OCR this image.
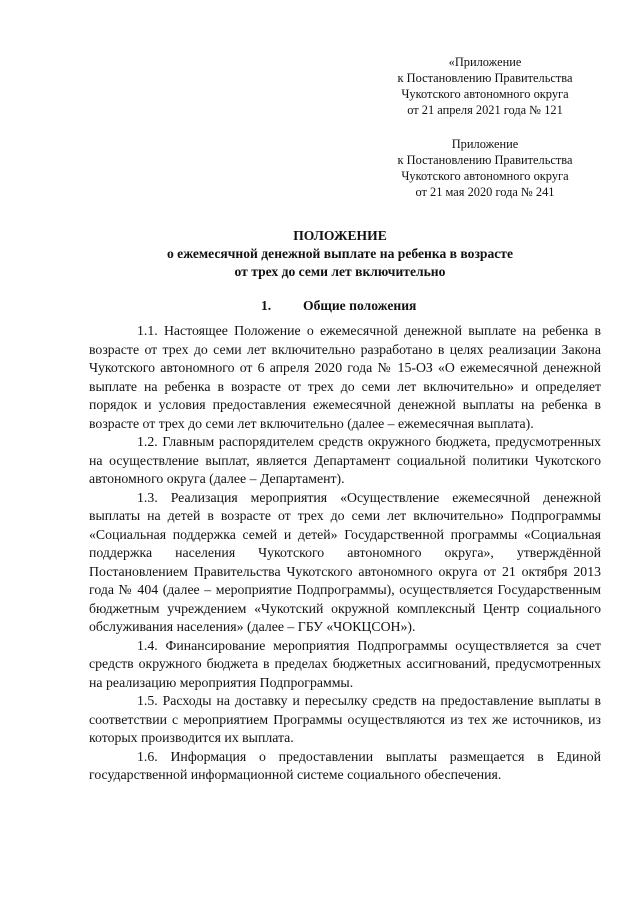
«Приложение
к Постановлению Правительства
Чукотского автономного округа
от 21 апреля 2021 года № 121
Приложение
к Постановлению Правительства
Чукотского автономного округа
от 21 мая 2020 года № 241
ПОЛОЖЕНИЕ
о ежемесячной денежной выплате на ребенка в возрасте
от трех до семи лет включительно
1. Общие положения

1.1. Настоящее Положение о ежемесячной денежной выплате на ребенка в возрасте от трех до семи лет включительно разработано в целях реализации Закона Чукотского автономного от 6 апреля 2020 года № 15-ОЗ «О ежемесячной денежной выплате на ребенка в возрасте от трех до семи лет включительно» и определяет порядок и условия предоставления ежемесячной денежной выплаты на ребенка в возрасте от трех до семи лет включительно (далее – ежемесячная выплата).

1.2. Главным распорядителем средств окружного бюджета, предусмотренных на осуществление выплат, является Департамент социальной политики Чукотского автономного округа (далее – Департамент).

1.3. Реализация мероприятия «Осуществление ежемесячной денежной выплаты на детей в возрасте от трех до семи лет включительно» Подпрограммы «Социальная поддержка семей и детей» Государственной программы «Социальная поддержка населения Чукотского автономного округа», утверждённой Постановлением Правительства Чукотского автономного округа от 21 октября 2013 года № 404 (далее – мероприятие Подпрограммы), осуществляется Государственным бюджетным учреждением «Чукотский окружной комплексный Центр социального обслуживания населения» (далее – ГБУ «ЧОКЦСОН»).

1.4. Финансирование мероприятия Подпрограммы осуществляется за счет средств окружного бюджета в пределах бюджетных ассигнований, предусмотренных на реализацию мероприятия Подпрограммы.

1.5. Расходы на доставку и пересылку средств на предоставление выплаты в соответствии с мероприятием Программы осуществляются из тех же источников, из которых производится их выплата.

1.6. Информация о предоставлении выплаты размещается в Единой государственной информационной системе социального обеспечения.
